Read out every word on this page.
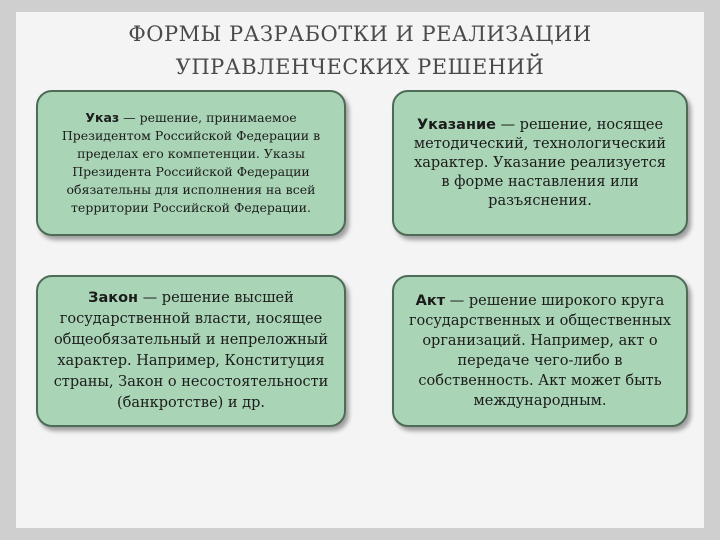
ФОРМЫ РАЗРАБОТКИ И РЕАЛИЗАЦИИ
УПРАВЛЕНЧЕСКИХ РЕШЕНИЙ
Указ — решение, принимаемое Президентом Российской Федерации в пределах его компетенции. Указы Президента Российской Федерации обязательны для исполнения на всей территории Российской Федерации.
Указание — решение, носящее методический, технологический характер. Указание реализуется в форме наставления или разъяснения.
Закон — решение высшей государственной власти, носящее общеобязательный и непреложный характер. Например, Конституция страны, Закон о несостоятельности (банкротстве) и др.
Акт — решение широкого круга государственных и общественных организаций. Например, акт о передаче чего-либо в собственность. Акт может быть международным.
